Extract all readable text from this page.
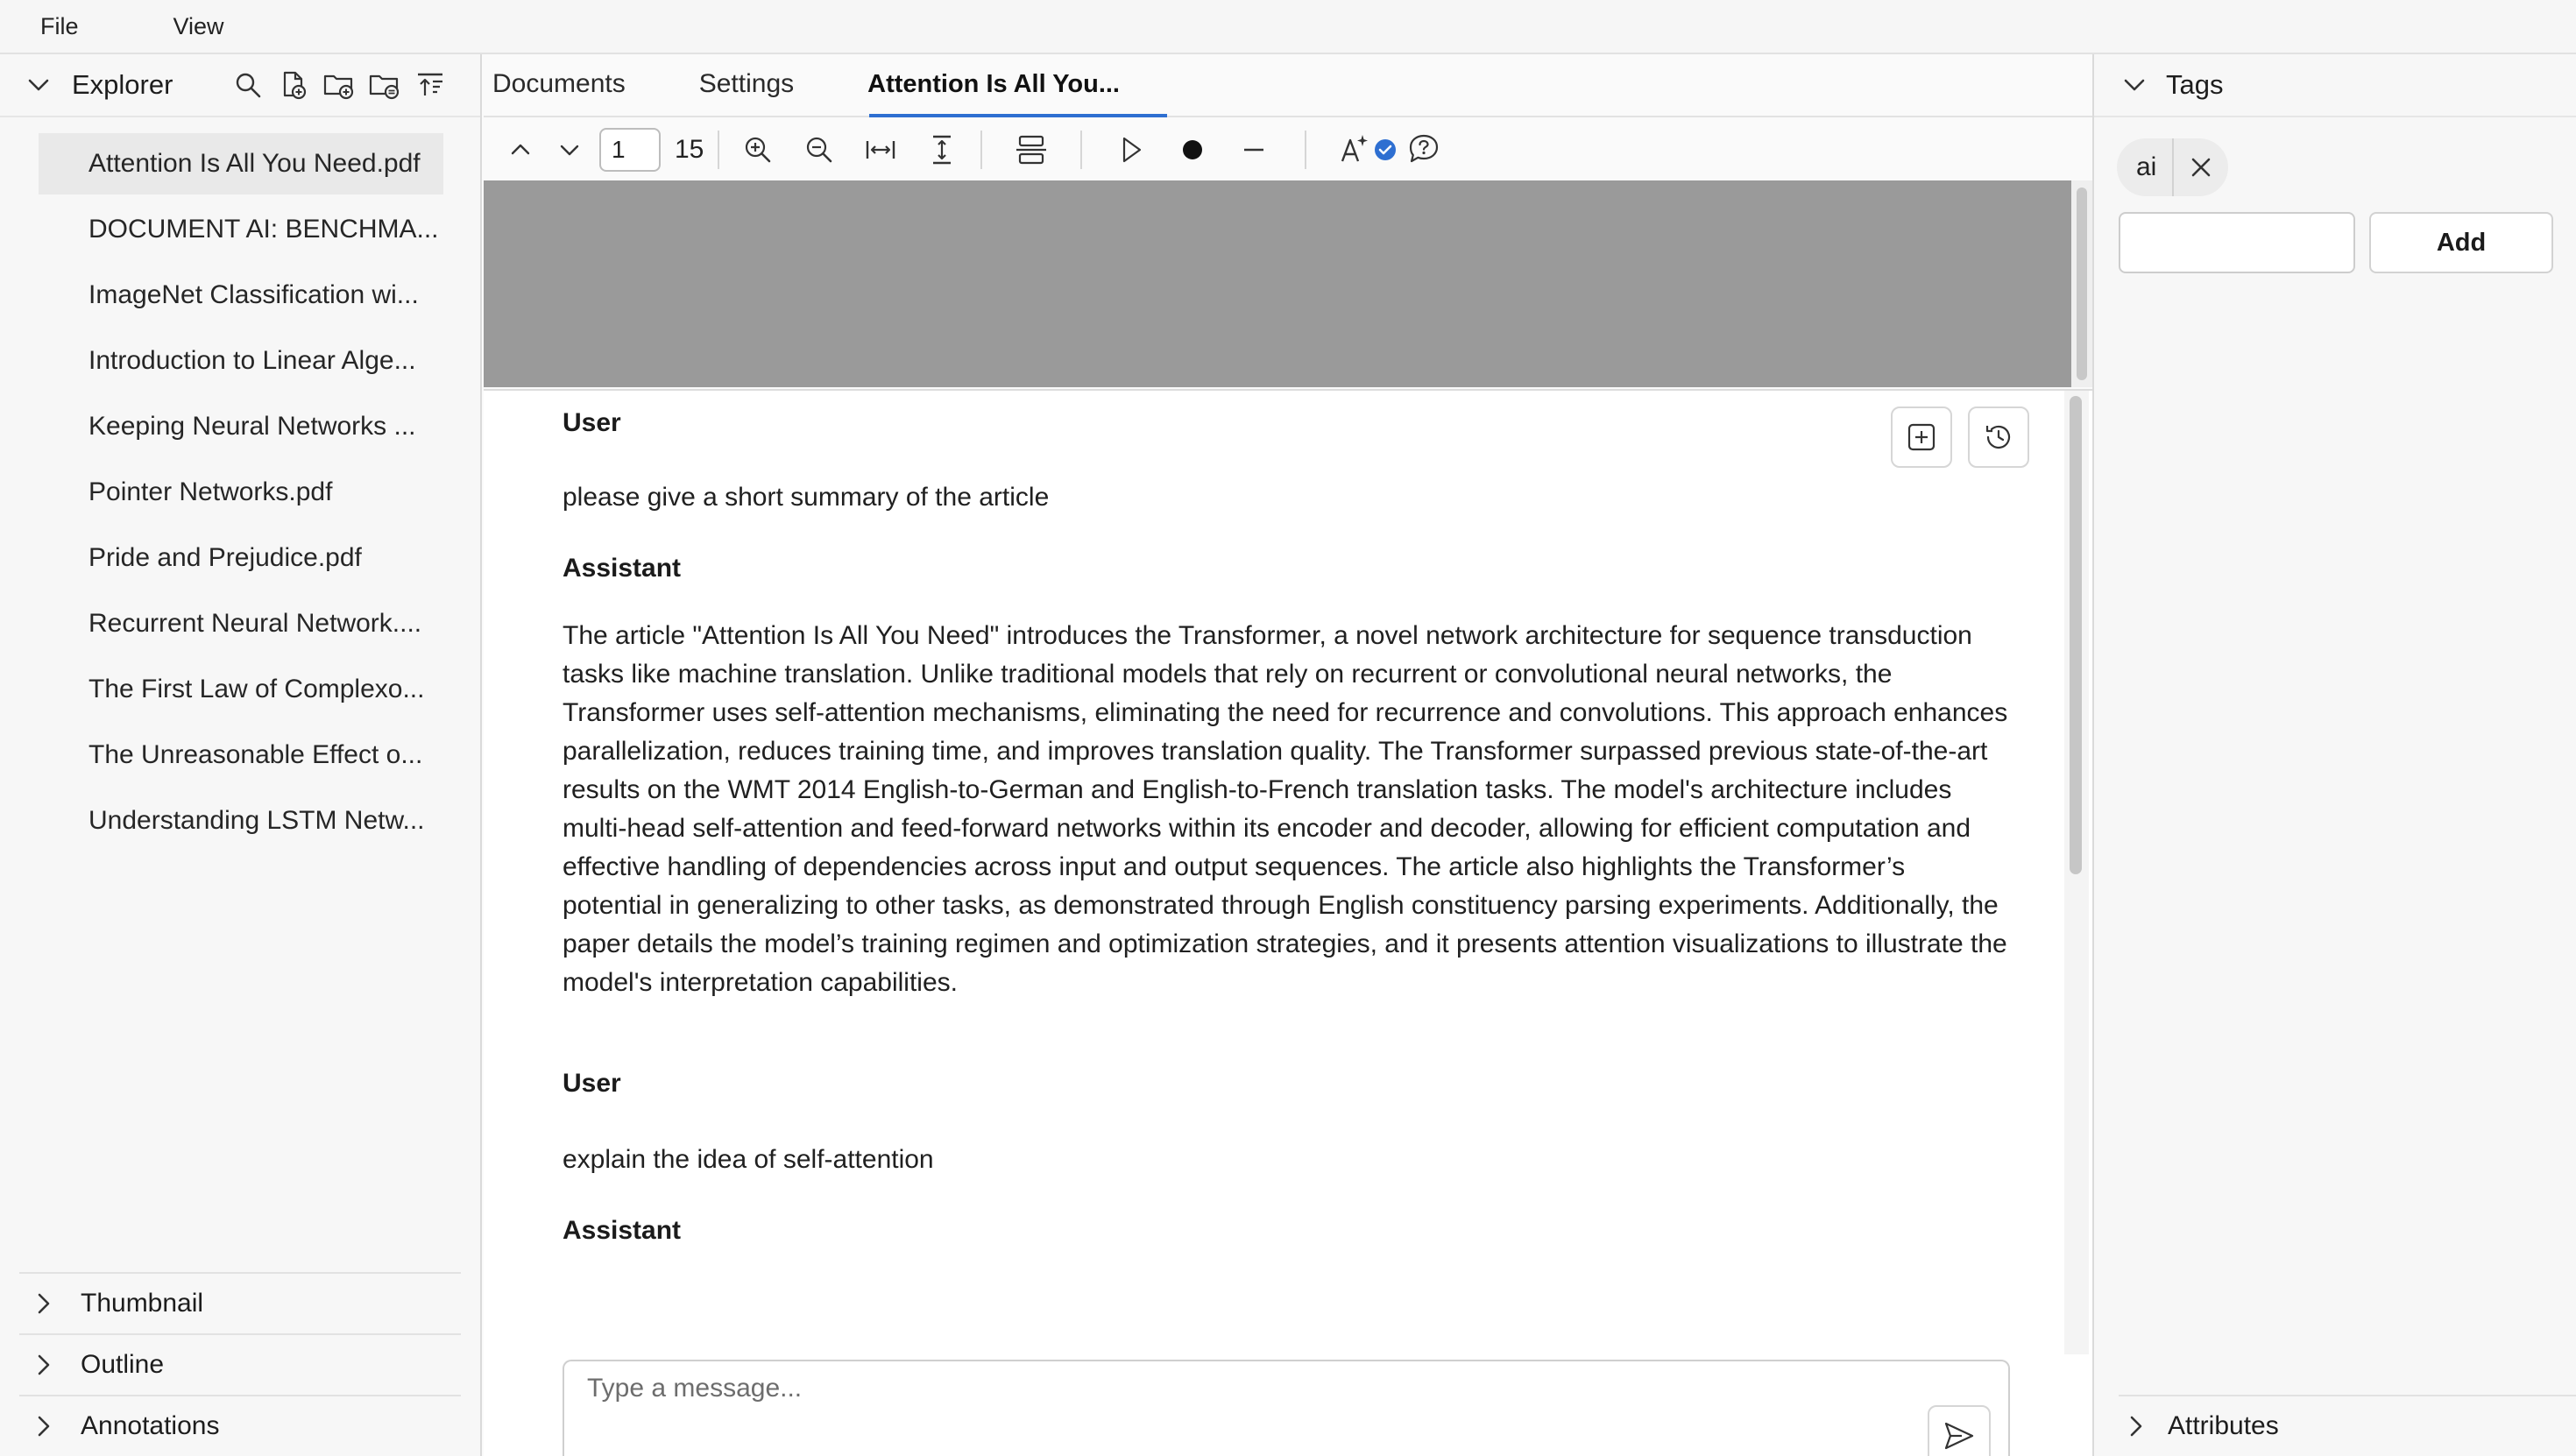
File	View
Explorer
Attention Is All You Need.pdf
DOCUMENT AI: BENCHMA...
ImageNet Classification wi...
Introduction to Linear Alge...
Keeping Neural Networks ...
Pointer Networks.pdf
Pride and Prejudice.pdf
Recurrent Neural Network....
The First Law of Complexo...
The Unreasonable Effect o...
Understanding LSTM Netw...
Thumbnail
Outline
Annotations
Documents	Settings	Attention Is All You...
1
15
User
please give a short summary of the article
Assistant
The article "Attention Is All You Need" introduces the Transformer, a novel network architecture for sequence transduction tasks like machine translation. Unlike traditional models that rely on recurrent or convolutional neural networks, the Transformer uses self-attention mechanisms, eliminating the need for recurrence and convolutions. This approach enhances parallelization, reduces training time, and improves translation quality. The Transformer surpassed previous state-of-the-art results on the WMT 2014 English-to-German and English-to-French translation tasks. The model's architecture includes multi-head self-attention and feed-forward networks within its encoder and decoder, allowing for efficient computation and effective handling of dependencies across input and output sequences. The article also highlights the Transformer’s potential in generalizing to other tasks, as demonstrated through English constituency parsing experiments. Additionally, the paper details the model’s training regimen and optimization strategies, and it presents attention visualizations to illustrate the model's interpretation capabilities.
User
explain the idea of self-attention
Assistant
Type a message...
Tags
ai
Add
Attributes
